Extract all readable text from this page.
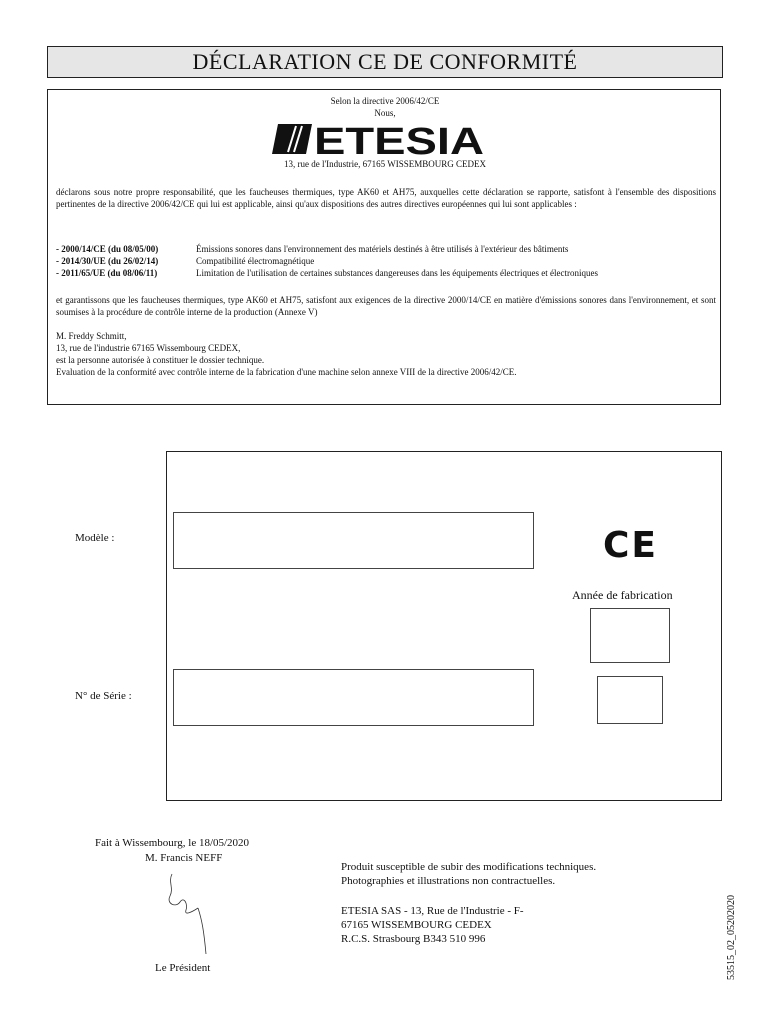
DÉCLARATION CE DE CONFORMITÉ
Selon la directive 2006/42/CE
Nous,
ETESIA
13, rue de l'Industrie, 67165 WISSEMBOURG CEDEX
déclarons sous notre propre responsabilité, que les faucheuses thermiques, type AK60 et AH75, auxquelles cette déclaration se rapporte, satisfont à l'ensemble des dispositions pertinentes de la directive 2006/42/CE qui lui est applicable, ainsi qu'aux dispositions des autres directives européennes qui lui sont applicables :
- 2000/14/CE (du 08/05/00)	Émissions sonores dans l'environnement des matériels destinés à être utilisés à l'extérieur des bâtiments
- 2014/30/UE (du 26/02/14)	Compatibilité électromagnétique
- 2011/65/UE (du 08/06/11)	Limitation de l'utilisation de certaines substances dangereuses dans les équipements électriques et électroniques
et garantissons que les faucheuses thermiques, type AK60 et AH75, satisfont aux exigences de la directive 2000/14/CE en matière d'émissions sonores dans l'environnement, et sont soumises à la procédure de contrôle interne de la production (Annexe V)
M. Freddy Schmitt,
13, rue de l'industrie 67165 Wissembourg CEDEX,
est la personne autorisée à constituer le dossier technique.
Evaluation de la conformité avec contrôle interne de la fabrication d'une machine selon annexe VIII de la directive 2006/42/CE.
Modèle :
N° de Série :
CE
Année de fabrication
Fait à Wissembourg, le 18/05/2020
M. Francis NEFF
Le Président
Produit susceptible de subir des modifications techniques.
Photographies et illustrations non contractuelles.
ETESIA SAS - 13, Rue de l'Industrie - F-
67165 WISSEMBOURG CEDEX
R.C.S. Strasbourg B343 510 996	53515_02_05202020
